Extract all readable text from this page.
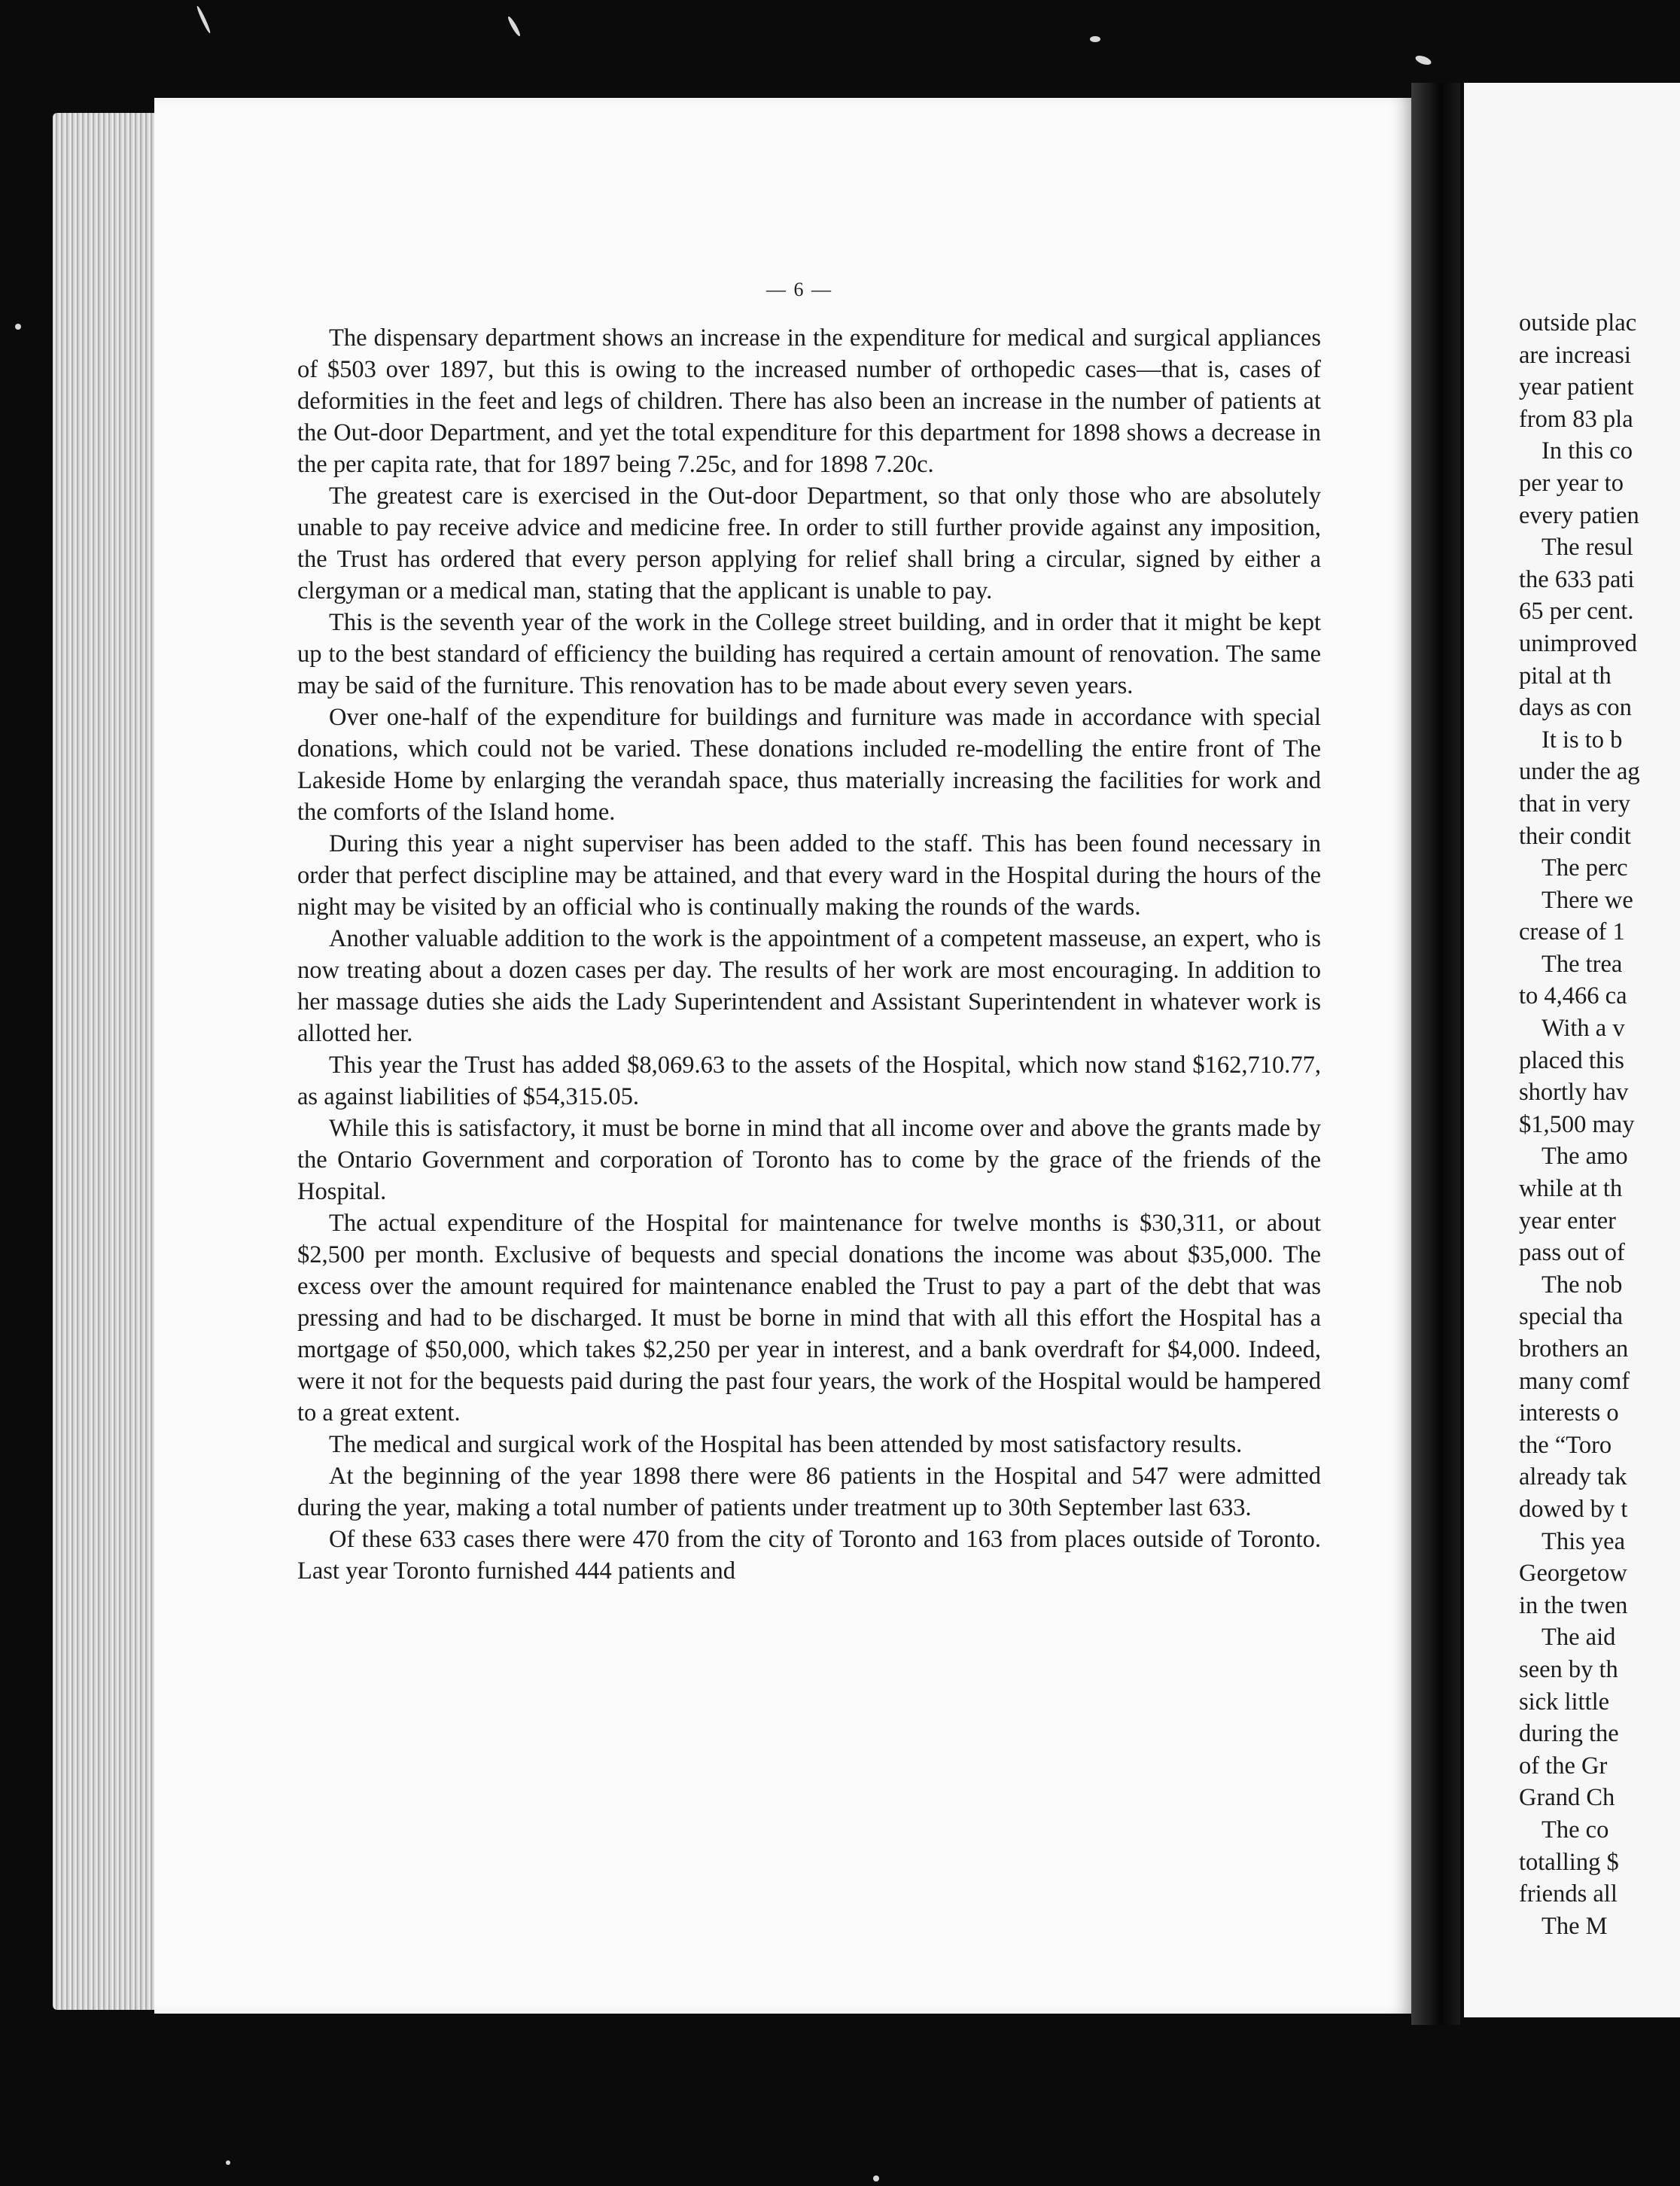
— 6 —

The dispensary department shows an increase in the expenditure for medical and surgical appliances of $503 over 1897, but this is owing to the increased number of orthopedic cases—that is, cases of deformities in the feet and legs of children. There has also been an increase in the number of patients at the Out-door Department, and yet the total expenditure for this department for 1898 shows a decrease in the per capita rate, that for 1897 being 7.25c, and for 1898 7.20c.

The greatest care is exercised in the Out-door Department, so that only those who are absolutely unable to pay receive advice and medicine free. In order to still further provide against any imposition, the Trust has ordered that every person applying for relief shall bring a circular, signed by either a clergyman or a medical man, stating that the applicant is unable to pay.

This is the seventh year of the work in the College street building, and in order that it might be kept up to the best standard of efficiency the building has required a certain amount of renovation. The same may be said of the furniture. This renovation has to be made about every seven years.

Over one-half of the expenditure for buildings and furniture was made in accordance with special donations, which could not be varied. These donations included re-modelling the entire front of The Lakeside Home by enlarging the verandah space, thus materially increasing the facilities for work and the comforts of the Island home.

During this year a night superviser has been added to the staff. This has been found necessary in order that perfect discipline may be attained, and that every ward in the Hospital during the hours of the night may be visited by an official who is continually making the rounds of the wards.

Another valuable addition to the work is the appointment of a competent masseuse, an expert, who is now treating about a dozen cases per day. The results of her work are most encouraging. In addition to her massage duties she aids the Lady Superintendent and Assistant Superintendent in whatever work is allotted her.

This year the Trust has added $8,069.63 to the assets of the Hospital, which now stand $162,710.77, as against liabilities of $54,315.05.

While this is satisfactory, it must be borne in mind that all income over and above the grants made by the Ontario Government and corporation of Toronto has to come by the grace of the friends of the Hospital.

The actual expenditure of the Hospital for maintenance for twelve months is $30,311, or about $2,500 per month. Exclusive of bequests and special donations the income was about $35,000. The excess over the amount required for maintenance enabled the Trust to pay a part of the debt that was pressing and had to be discharged. It must be borne in mind that with all this effort the Hospital has a mortgage of $50,000, which takes $2,250 per year in interest, and a bank overdraft for $4,000. Indeed, were it not for the bequests paid during the past four years, the work of the Hospital would be hampered to a great extent.

The medical and surgical work of the Hospital has been attended by most satisfactory results.

At the beginning of the year 1898 there were 86 patients in the Hospital and 547 were admitted during the year, making a total number of patients under treatment up to 30th September last 633.

Of these 633 cases there were 470 from the city of Toronto and 163 from places outside of Toronto. Last year Toronto furnished 444 patients and

outside plac
are increasi
year patient
from 83 pla
In this co
per year to
every patien
The resul
the 633 pati
65 per cent.
unimproved
pital at th
days as con
It is to b
under the ag
that in very
their condit
The perc
There we
crease of 1
The trea
to 4,466 ca
With a v
placed this
shortly hav
$1,500 may
The amo
while at th
year enter
pass out of
The nob
special tha
brothers an
many comf
interests o
the “Toro
already tak
dowed by t
This yea
Georgetow
in the twen
The aid
seen by th
sick little
during the
of the Gr
Grand Ch
The co
totalling $
friends all
The M
